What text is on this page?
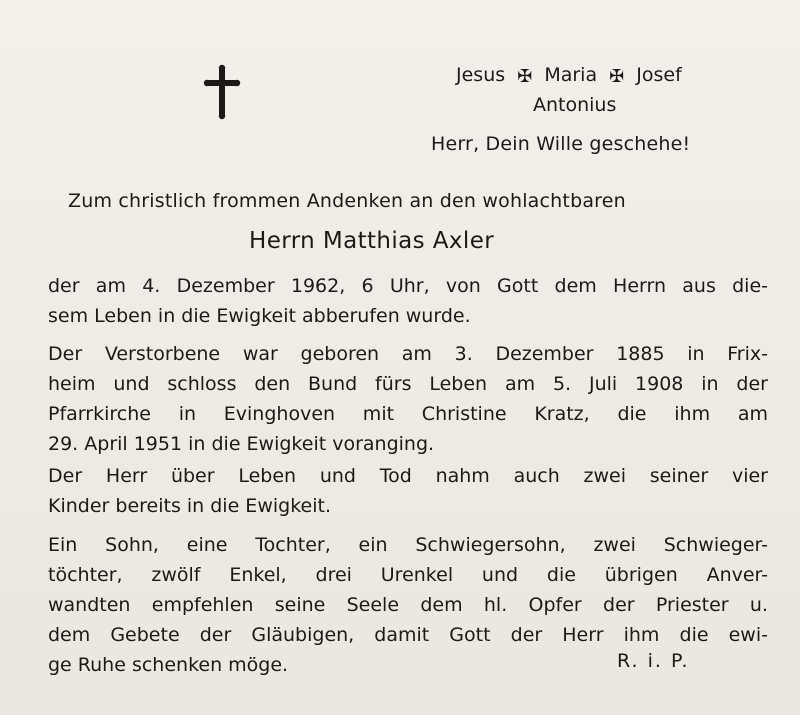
Jesus ✠ Maria ✠ Josef
Antonius
Herr, Dein Wille geschehe!
Zum christlich frommen Andenken an den wohlachtbaren
Herrn Matthias Axler
der am 4. Dezember 1962, 6 Uhr, von Gott dem Herrn aus die-
sem Leben in die Ewigkeit abberufen wurde.
Der Verstorbene war geboren am 3. Dezember 1885 in Frix-
heim und schloss den Bund fürs Leben am 5. Juli 1908 in der
Pfarrkirche in Evinghoven mit Christine Kratz, die ihm am
29. April 1951 in die Ewigkeit voranging.
Der Herr über Leben und Tod nahm auch zwei seiner vier
Kinder bereits in die Ewigkeit.
Ein Sohn, eine Tochter, ein Schwiegersohn, zwei Schwieger-
töchter, zwölf Enkel, drei Urenkel und die übrigen Anver-
wandten empfehlen seine Seele dem hl. Opfer der Priester u.
dem Gebete der Gläubigen, damit Gott der Herr ihm die ewi-
ge Ruhe schenken möge.	R. i. P.
